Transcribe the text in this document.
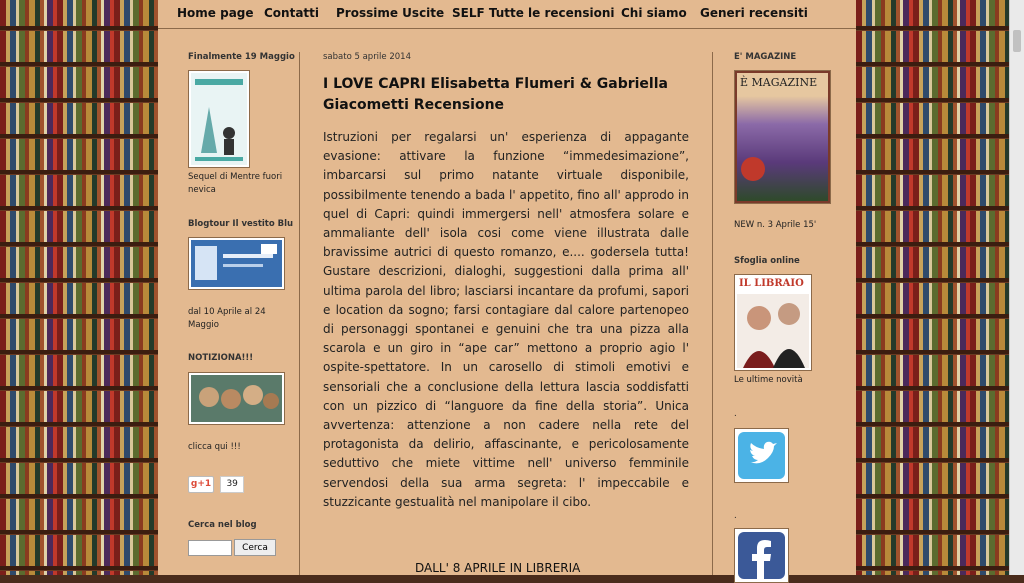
Home page Contatti Prossime Uscite SELF Tutte le recensioni Chi siamo Generi recensiti

Finalmente 19 Maggio

Sequel di Mentre fuori nevica

Blogtour Il vestito Blu

dal 10 Aprile al 24 Maggio

NOTIZIONA!!!

clicca qui !!!

g+1 39

Cerca nel blog

Cerca
sabato 5 aprile 2014
I LOVE CAPRI Elisabetta Flumeri & Gabriella Giacometti Recensione
Istruzioni per regalarsi un' esperienza di appagante evasione: attivare la funzione “immedesimazione”, imbarcarsi sul primo natante virtuale disponibile, possibilmente tenendo a bada l' appetito, fino all' approdo in quel di Capri: quindi immergersi nell' atmosfera solare e ammaliante dell' isola cosi come viene illustrata dalle bravissime autrici di questo romanzo, e.... godersela tutta! Gustare descrizioni, dialoghi, suggestioni dalla prima all' ultima parola del libro; lasciarsi incantare da profumi, sapori e location da sogno; farsi contagiare dal calore partenopeo di personaggi spontanei e genuini che tra una pizza alla scarola e un giro in “ape car” mettono a proprio agio l' ospite-spettatore. In un carosello di stimoli emotivi e sensoriali che a conclusione della lettura lascia soddisfatti con un pizzico di “languore da fine della storia”. Unica avvertenza: attenzione a non cadere nella rete del protagonista da delirio, affascinante, e pericolosamente seduttivo che miete vittime nell' universo femminile servendosi della sua arma segreta: l' impeccabile e stuzzicante gestualità nel manipolare il cibo.
DALL' 8 APRILE IN LIBRERIA

E' MAGAZINE

È MAGAZINE

NEW n. 3 Aprile 15'

Sfoglia online

IL LIBRAIO

Le ultime novità

.

.
